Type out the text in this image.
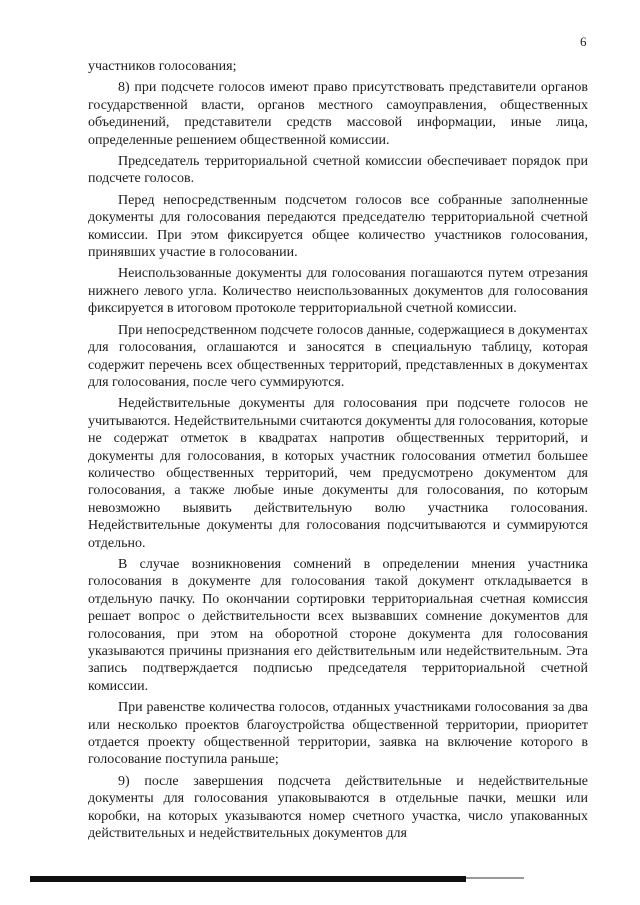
6

участников голосования;

8) при подсчете голосов имеют право присутствовать представители органов государственной власти, органов местного самоуправления, общественных объединений, представители средств массовой информации, иные лица, определенные решением общественной комиссии.

Председатель территориальной счетной комиссии обеспечивает порядок при подсчете голосов.

Перед непосредственным подсчетом голосов все собранные заполненные документы для голосования передаются председателю территориальной счетной комиссии. При этом фиксируется общее количество участников голосования, принявших участие в голосовании.

Неиспользованные документы для голосования погашаются путем отрезания нижнего левого угла. Количество неиспользованных документов для голосования фиксируется в итоговом протоколе территориальной счетной комиссии.

При непосредственном подсчете голосов данные, содержащиеся в документах для голосования, оглашаются и заносятся в специальную таблицу, которая содержит перечень всех общественных территорий, представленных в документах для голосования, после чего суммируются.

Недействительные документы для голосования при подсчете голосов не учитываются. Недействительными считаются документы для голосования, которые не содержат отметок в квадратах напротив общественных территорий, и документы для голосования, в которых участник голосования отметил большее количество общественных территорий, чем предусмотрено документом для голосования, а также любые иные документы для голосования, по которым невозможно выявить действительную волю участника голосования. Недействительные документы для голосования подсчитываются и суммируются отдельно.

В случае возникновения сомнений в определении мнения участника голосования в документе для голосования такой документ откладывается в отдельную пачку. По окончании сортировки территориальная счетная комиссия решает вопрос о действительности всех вызвавших сомнение документов для голосования, при этом на оборотной стороне документа для голосования указываются причины признания его действительным или недействительным. Эта запись подтверждается подписью председателя территориальной счетной комиссии.

При равенстве количества голосов, отданных участниками голосования за два или несколько проектов благоустройства общественной территории, приоритет отдается проекту общественной территории, заявка на включение которого в голосование поступила раньше;

9) после завершения подсчета действительные и недействительные документы для голосования упаковываются в отдельные пачки, мешки или коробки, на которых указываются номер счетного участка, число упакованных действительных и недействительных документов для
